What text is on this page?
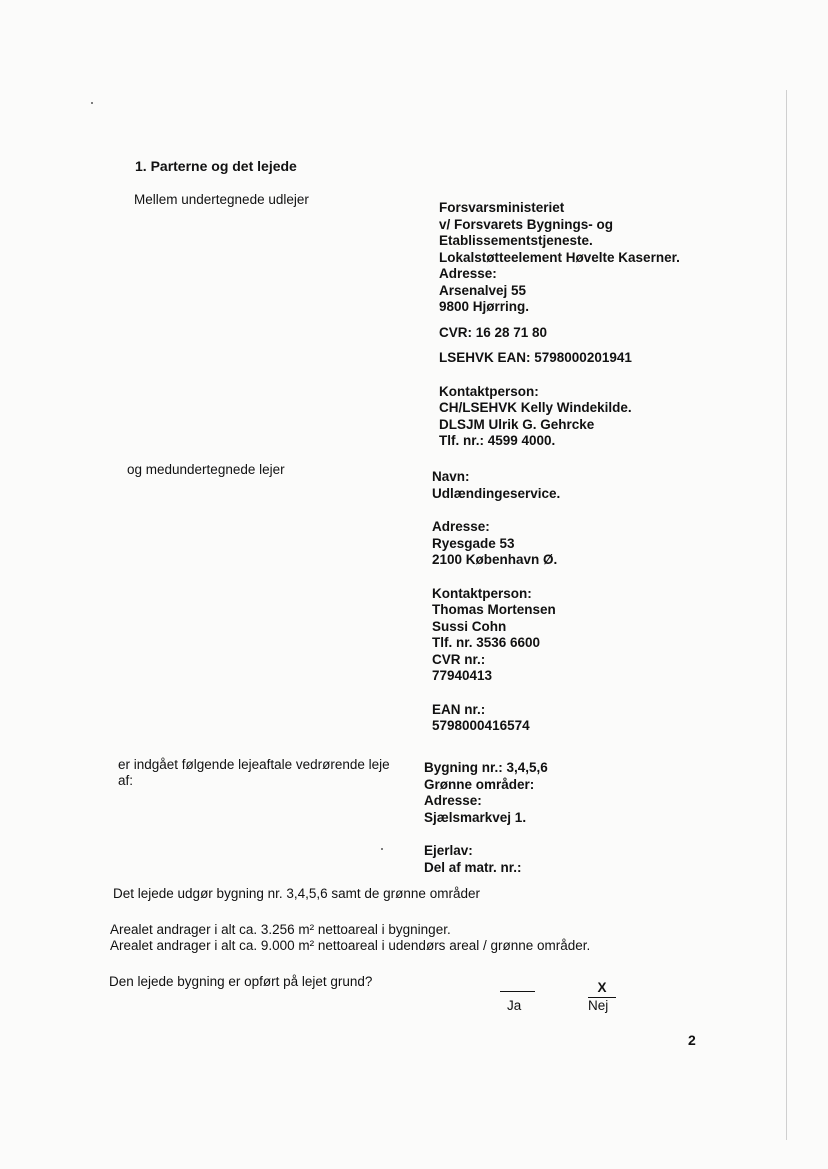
1. Parterne og det lejede
Mellem undertegnede udlejer
Forsvarsministeriet
v/ Forsvarets Bygnings- og
Etablissementstjeneste.
Lokalstøtteelement Høvelte Kaserner.
Adresse:
Arsenalvej 55
9800 Hjørring.
CVR: 16 28 71 80
LSEHVK EAN: 5798000201941
Kontaktperson:
CH/LSEHVK Kelly Windekilde.
DLSJM Ulrik G. Gehrcke
Tlf. nr.: 4599 4000.
og medundertegnede lejer	Navn:
Udlændingeservice.
Adresse:
Ryesgade 53
2100 København Ø.
Kontaktperson:
Thomas Mortensen
Sussi Cohn
Tlf. nr. 3536 6600
CVR nr.:
77940413
EAN nr.:
5798000416574
er indgået følgende lejeaftale vedrørende leje
af:
Bygning nr.: 3,4,5,6
Grønne områder:
Adresse:
Sjælsmarkvej 1.
Ejerlav:
Del af matr. nr.:
Det lejede udgør bygning nr. 3,4,5,6 samt de grønne områder
Arealet andrager i alt ca. 3.256 m² nettoareal i bygninger.
Arealet andrager i alt ca. 9.000 m² nettoareal i udendørs areal / grønne områder.
Den lejede bygning er opført på lejet grund?
Ja
X
Nej
2
